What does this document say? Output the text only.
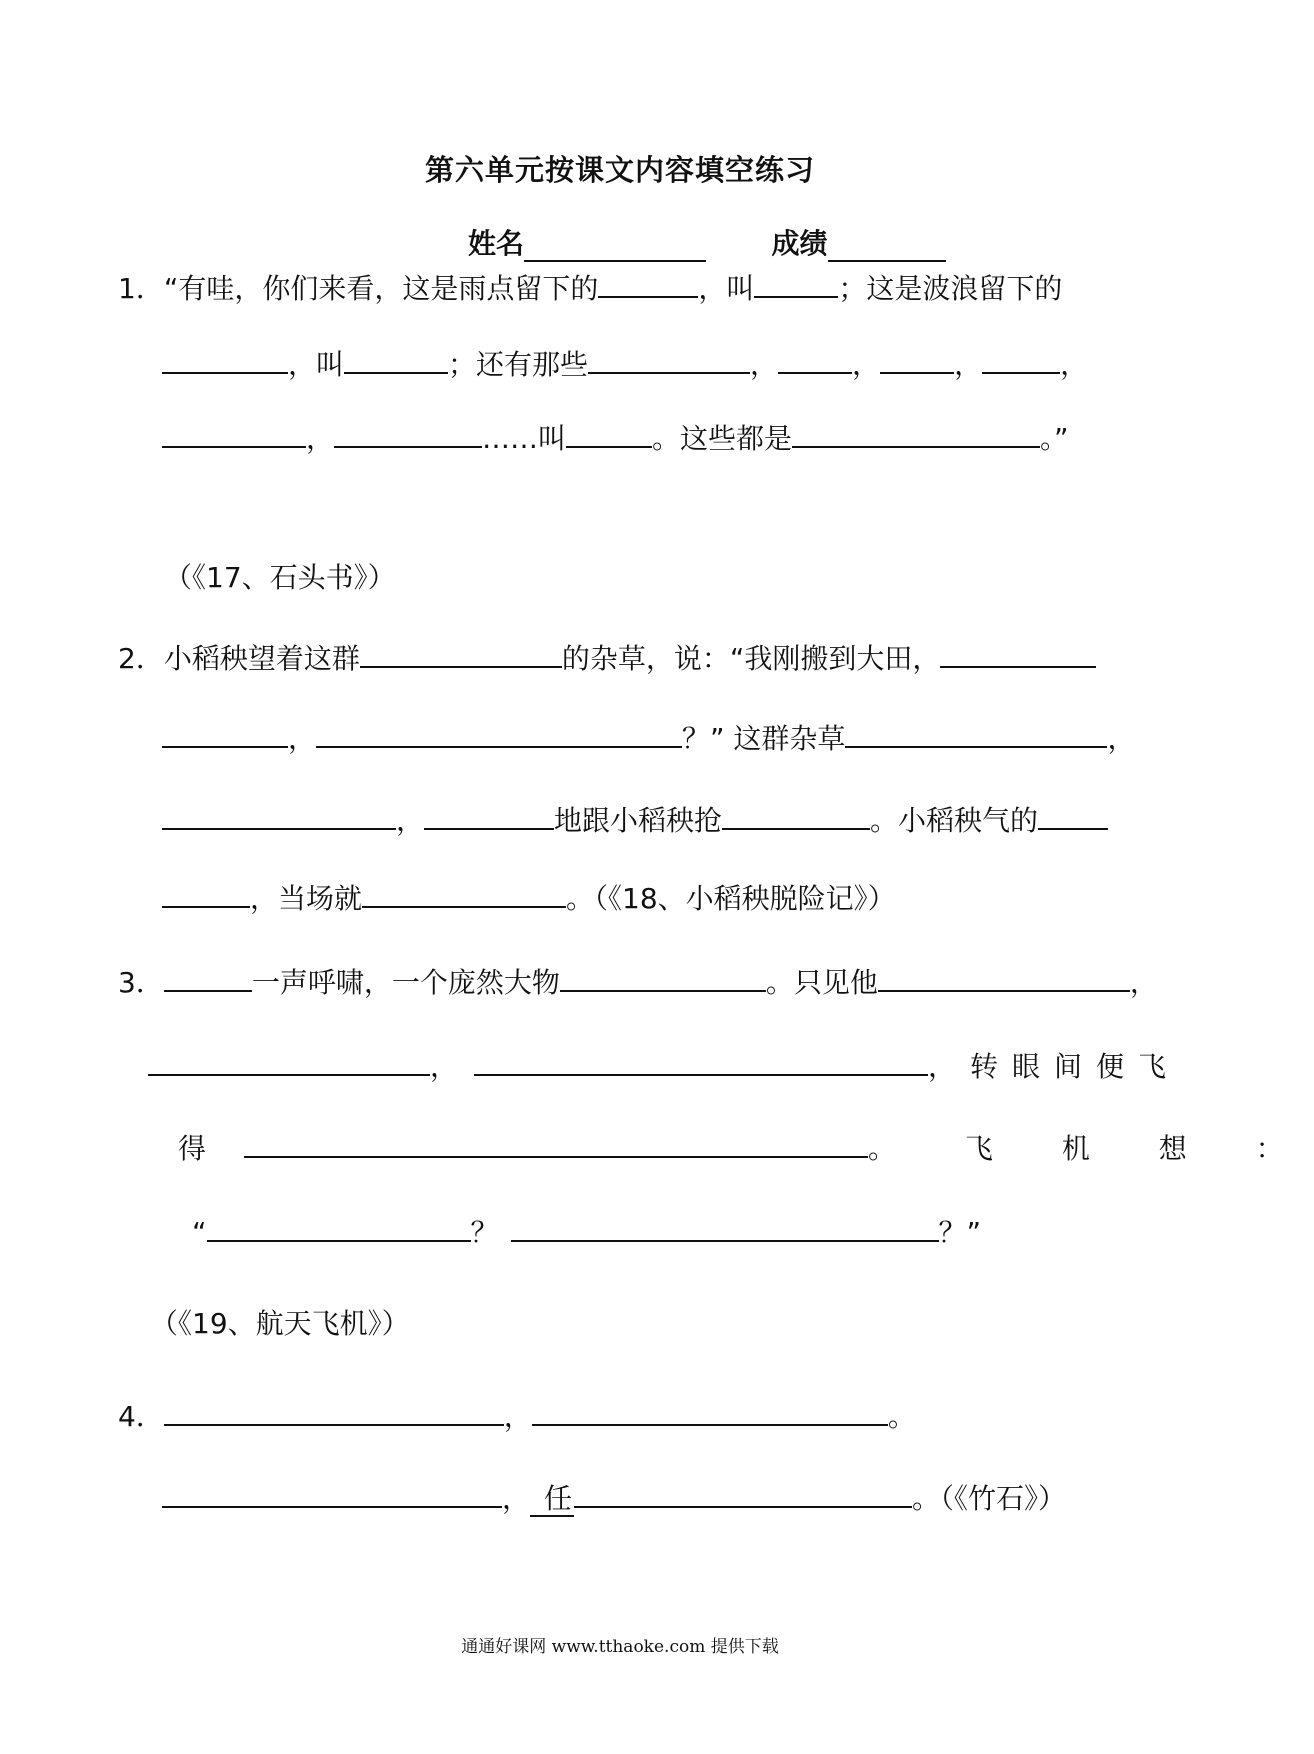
第六单元按课文内容填空练习
姓名	成绩
1．“有哇，你们来看，这是雨点留下的	，叫	；这是波浪留下的
，叫	；还有那些	，	，	，	，
，	……叫	。这些都是	。”
（《17、石头书》）
2．小稻秧望着这群	的杂草，说：“我刚搬到大田，
，	？” 这群杂草	，
，	地跟小稻秧抢	。小稻秧气的
，当场就	。（《18、小稻秧脱险记》）
3．	一声呼啸，一个庞然大物	。只见他	，
，	，转眼间便飞
得	。 飞 机 想 ：
“	？	？”
（《19、航天飞机》）
4．	，	。
， 任	。（《竹石》）
通通好课网 www.tthaoke.com 提供下载
